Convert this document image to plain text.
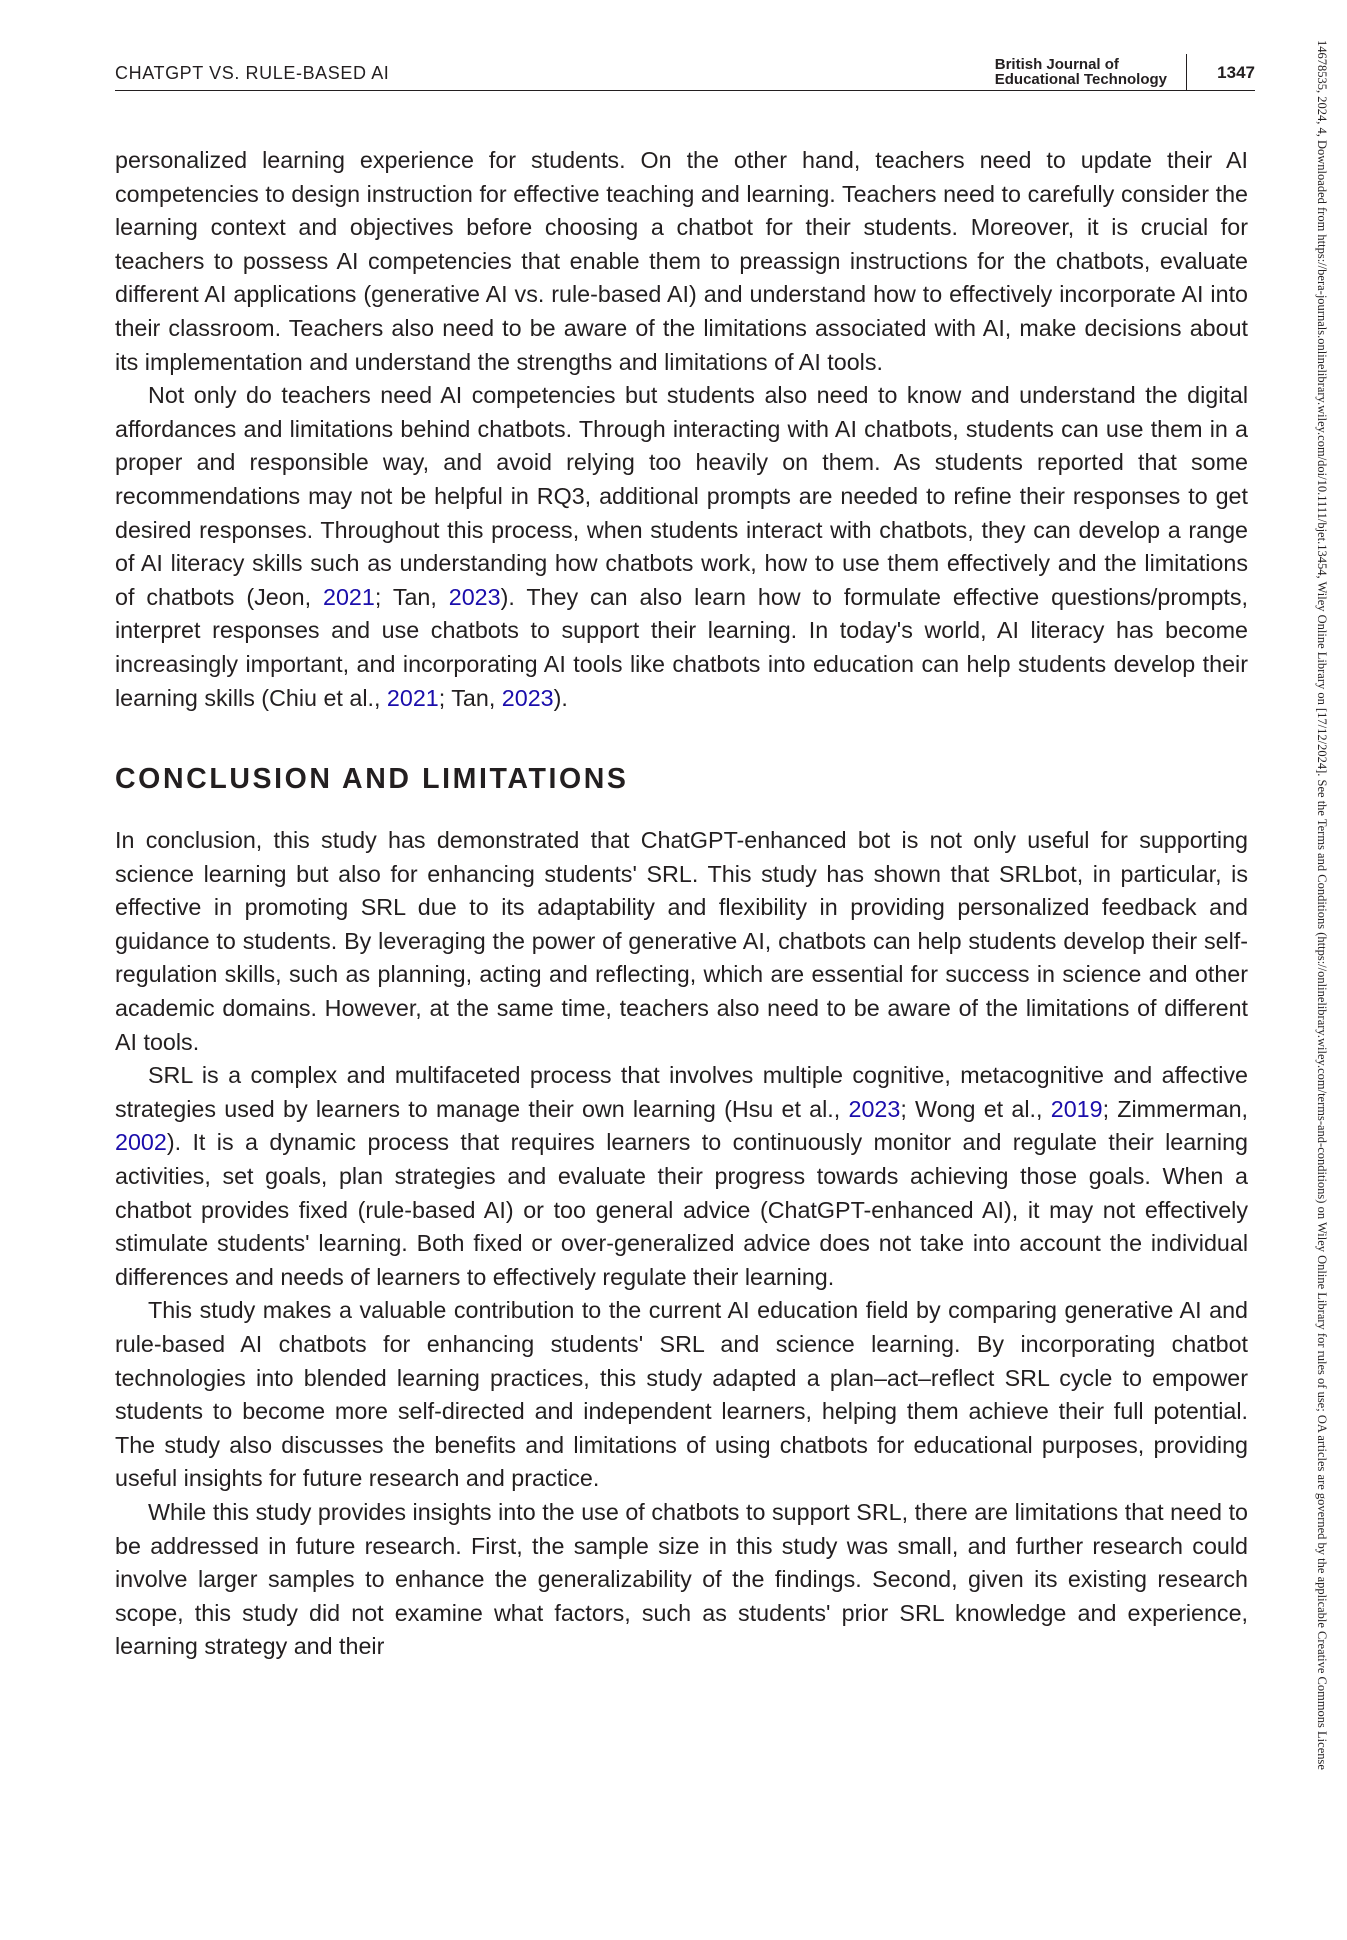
CHATGPT VS. RULE-BASED AI	British Journal of
Educational Technology	1347

personalized learning experience for students. On the other hand, teachers need to update their AI competencies to design instruction for effective teaching and learning. Teachers need to carefully consider the learning context and objectives before choosing a chatbot for their students. Moreover, it is crucial for teachers to possess AI competencies that enable them to preassign instructions for the chatbots, evaluate different AI applications (generative AI vs. rule-based AI) and understand how to effectively incorporate AI into their classroom. Teachers also need to be aware of the limitations associated with AI, make decisions about its implementation and understand the strengths and limitations of AI tools.

Not only do teachers need AI competencies but students also need to know and understand the digital affordances and limitations behind chatbots. Through interacting with AI chatbots, students can use them in a proper and responsible way, and avoid relying too heavily on them. As students reported that some recommendations may not be helpful in RQ3, additional prompts are needed to refine their responses to get desired responses. Throughout this process, when students interact with chatbots, they can develop a range of AI literacy skills such as understanding how chatbots work, how to use them effectively and the limitations of chatbots (Jeon, 2021; Tan, 2023). They can also learn how to formulate effective questions/prompts, interpret responses and use chatbots to support their learning. In today's world, AI literacy has become increasingly important, and incorporating AI tools like chatbots into education can help students develop their learning skills (Chiu et al., 2021; Tan, 2023).

CONCLUSION AND LIMITATIONS

In conclusion, this study has demonstrated that ChatGPT-enhanced bot is not only useful for supporting science learning but also for enhancing students' SRL. This study has shown that SRLbot, in particular, is effective in promoting SRL due to its adaptability and flexibility in providing personalized feedback and guidance to students. By leveraging the power of generative AI, chatbots can help students develop their self-regulation skills, such as planning, acting and reflecting, which are essential for success in science and other academic domains. However, at the same time, teachers also need to be aware of the limitations of different AI tools.

SRL is a complex and multifaceted process that involves multiple cognitive, metacognitive and affective strategies used by learners to manage their own learning (Hsu et al., 2023; Wong et al., 2019; Zimmerman, 2002). It is a dynamic process that requires learners to continuously monitor and regulate their learning activities, set goals, plan strategies and evaluate their progress towards achieving those goals. When a chatbot provides fixed (rule-based AI) or too general advice (ChatGPT-enhanced AI), it may not effectively stimulate students' learning. Both fixed or over-generalized advice does not take into account the individual differences and needs of learners to effectively regulate their learning.

This study makes a valuable contribution to the current AI education field by comparing generative AI and rule-based AI chatbots for enhancing students' SRL and science learning. By incorporating chatbot technologies into blended learning practices, this study adapted a plan–act–reflect SRL cycle to empower students to become more self-directed and independent learners, helping them achieve their full potential. The study also discusses the benefits and limitations of using chatbots for educational purposes, providing useful insights for future research and practice.

While this study provides insights into the use of chatbots to support SRL, there are limitations that need to be addressed in future research. First, the sample size in this study was small, and further research could involve larger samples to enhance the generalizability of the findings. Second, given its existing research scope, this study did not examine what factors, such as students' prior SRL knowledge and experience, learning strategy and their	14678535, 2024, 4, Downloaded from https://bera-journals.onlinelibrary.wiley.com/doi/10.1111/bjet.13454, Wiley Online Library on [17/12/2024]. See the Terms and Conditions (https://onlinelibrary.wiley.com/terms-and-conditions) on Wiley Online Library for rules of use; OA articles are governed by the applicable Creative Commons License
